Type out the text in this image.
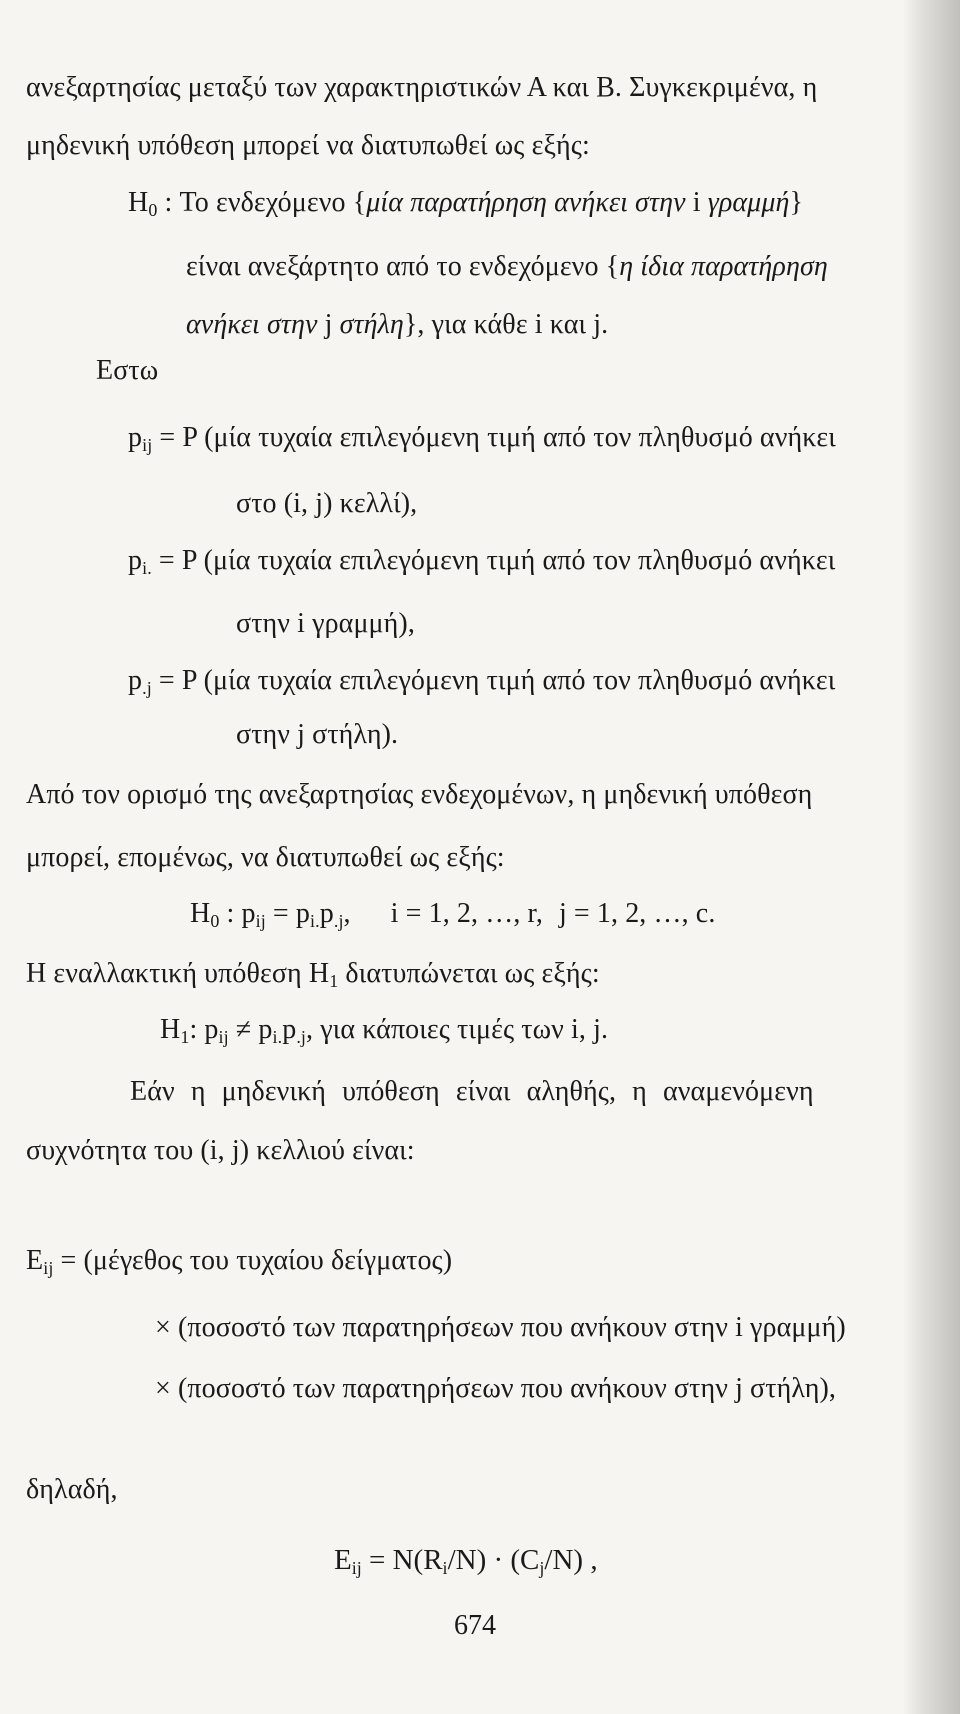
ανεξαρτησίας μεταξύ των χαρακτηριστικών Α και Β. Συγκεκριμένα, η
μηδενική υπόθεση μπορεί να διατυπωθεί ως εξής:
$H_0$ : Το ενδεχόμενο {μία παρατήρηση ανήκει στην i γραμμή}
είναι ανεξάρτητο από το ενδεχόμενο {η ίδια παρατήρηση
ανήκει στην j στήλη}, για κάθε i και j.
Εστω
$p_{ij} = P$ (μία τυχαία επιλεγόμενη τιμή από τον πληθυσμό ανήκει
στο (i, j) κελλί),
$p_{i.} = P$ (μία τυχαία επιλεγόμενη τιμή από τον πληθυσμό ανήκει
στην i γραμμή),
$p_{.j} = P$ (μία τυχαία επιλεγόμενη τιμή από τον πληθυσμό ανήκει
στην j στήλη).
Από τον ορισμό της ανεξαρτησίας ενδεχομένων, η μηδενική υπόθεση
μπορεί, επομένως, να διατυπωθεί ως εξής:
$H_0$ : $p_{ij} = p_{i.}p_{.j}$, i = 1, 2, …, r, j = 1, 2, …, c.
Η εναλλακτική υπόθεση $H_1$ διατυπώνεται ως εξής:
$H_1$: $p_{ij} \ne p_{i.}p_{.j}$, για κάποιες τιμές των i, j.
Εάν η μηδενική υπόθεση είναι αληθής, η αναμενόμενη
συχνότητα του (i, j) κελλιού είναι:
$E_{ij} = (\mu έ\gamma\varepsilon\theta o\varsigma$ του τυχαίου δείγματος)
× (ποσοστό των παρατηρήσεων που ανήκουν στην i γραμμή)
× (ποσοστό των παρατηρήσεων που ανήκουν στην j στήλη),
δηλαδή,
$E_{ij} = N(R_i/N) \cdot (C_j/N)$ ,
674
